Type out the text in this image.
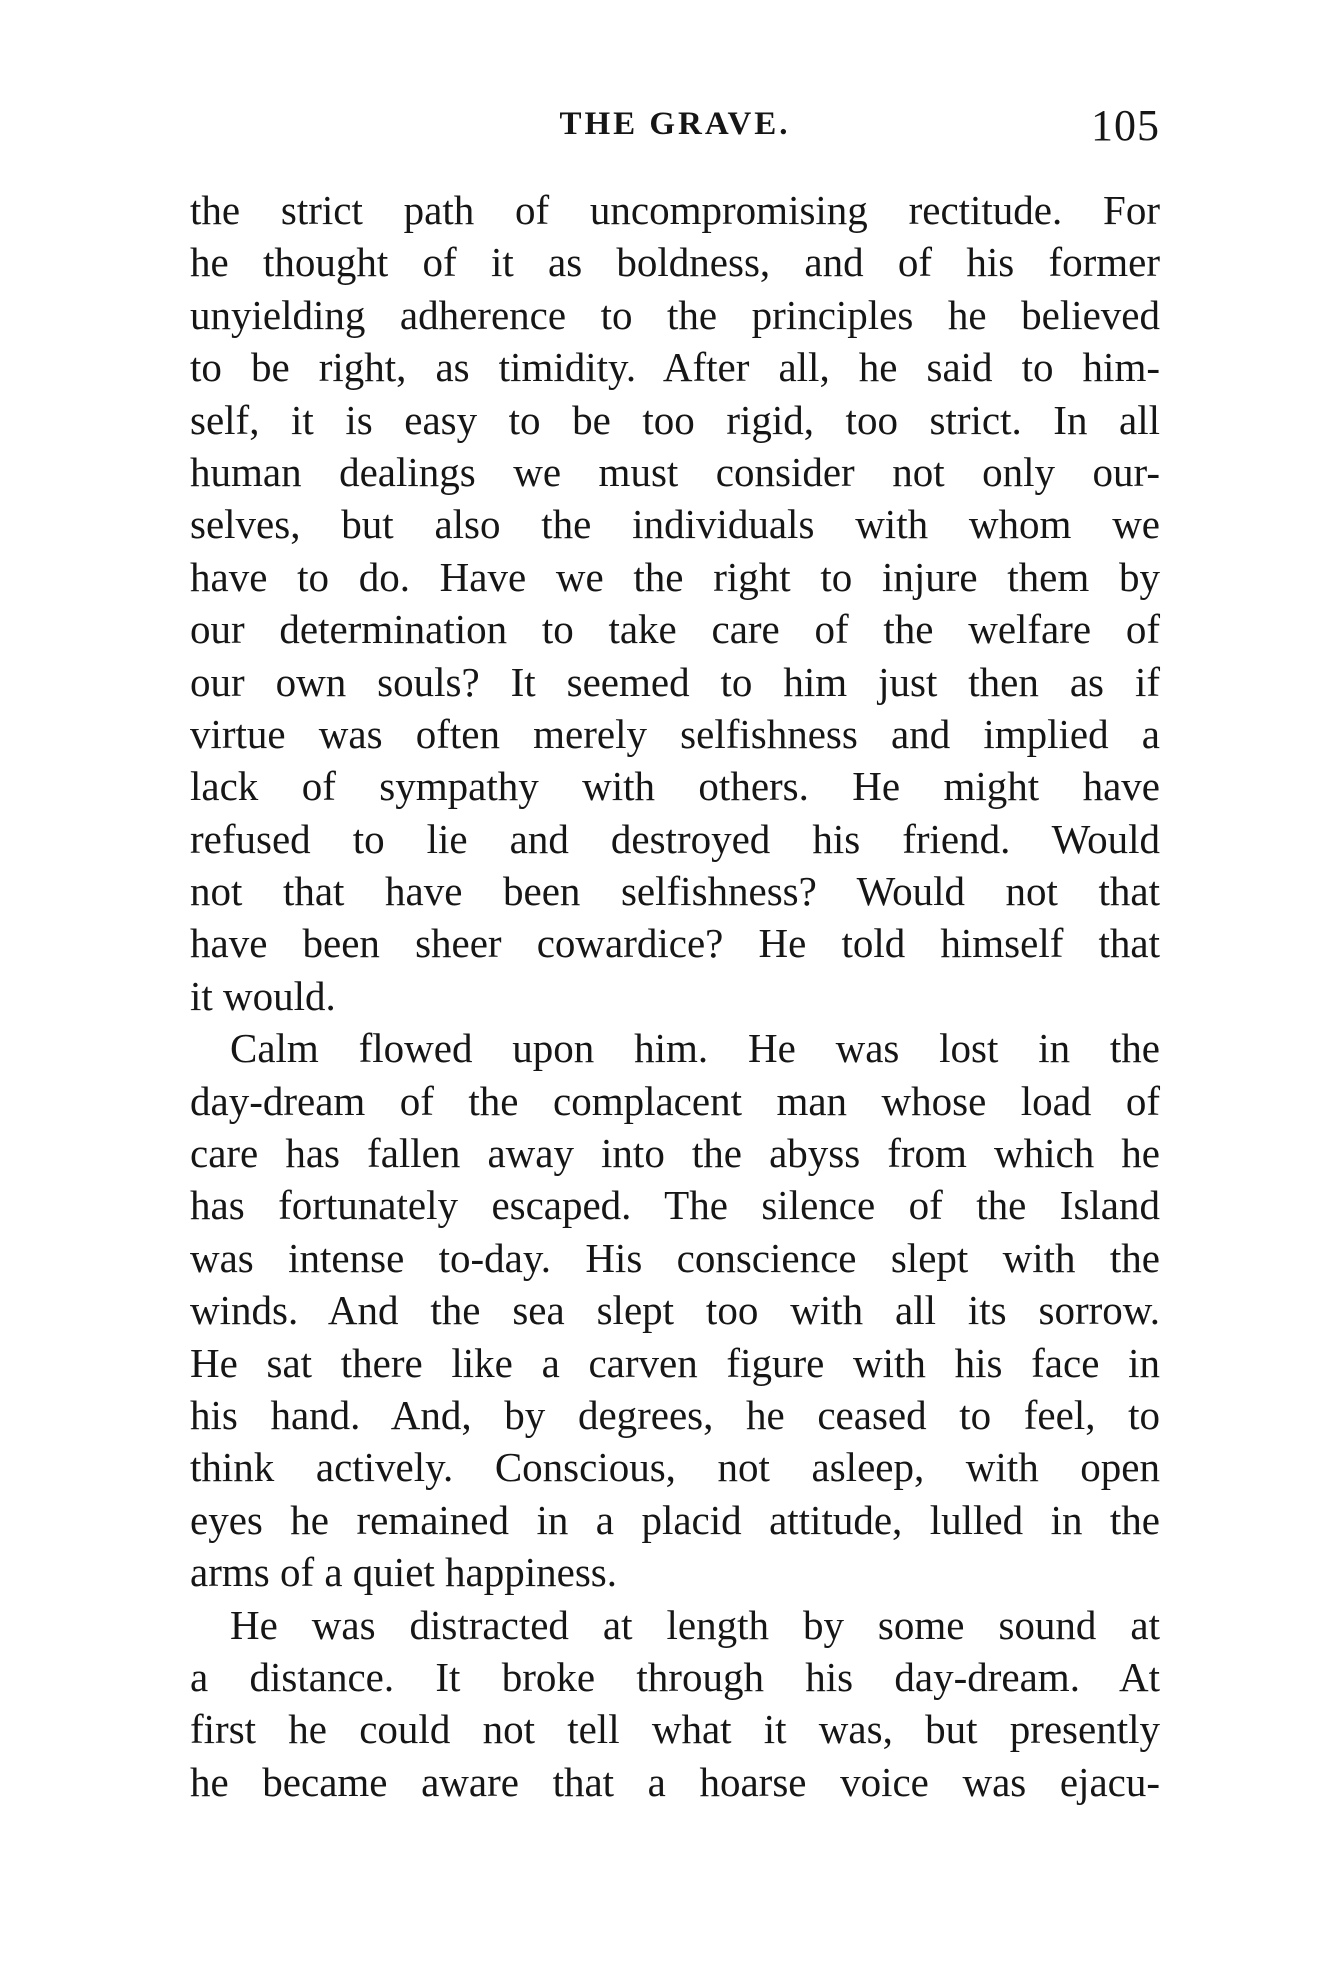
THE GRAVE.	105
the strict path of uncompromising rectitude. For
he thought of it as boldness, and of his former
unyielding adherence to the principles he believed
to be right, as timidity. After all, he said to him-
self, it is easy to be too rigid, too strict. In all
human dealings we must consider not only our-
selves, but also the individuals with whom we
have to do. Have we the right to injure them by
our determination to take care of the welfare of
our own souls? It seemed to him just then as if
virtue was often merely selfishness and implied a
lack of sympathy with others. He might have
refused to lie and destroyed his friend. Would
not that have been selfishness? Would not that
have been sheer cowardice? He told himself that
it would.
Calm flowed upon him. He was lost in the
day-dream of the complacent man whose load of
care has fallen away into the abyss from which he
has fortunately escaped. The silence of the Island
was intense to-day. His conscience slept with the
winds. And the sea slept too with all its sorrow.
He sat there like a carven figure with his face in
his hand. And, by degrees, he ceased to feel, to
think actively. Conscious, not asleep, with open
eyes he remained in a placid attitude, lulled in the
arms of a quiet happiness.
He was distracted at length by some sound at
a distance. It broke through his day-dream. At
first he could not tell what it was, but presently
he became aware that a hoarse voice was ejacu-
